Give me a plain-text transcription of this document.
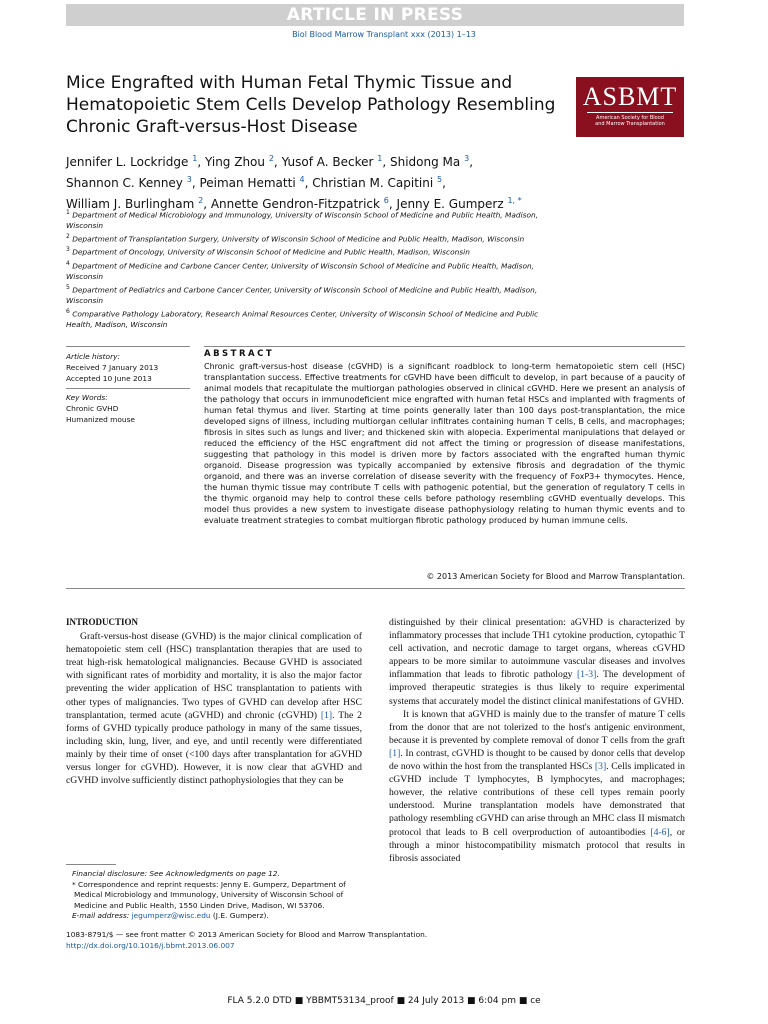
ARTICLE IN PRESS
Biol Blood Marrow Transplant xxx (2013) 1–13
Mice Engrafted with Human Fetal Thymic Tissue and
Hematopoietic Stem Cells Develop Pathology Resembling
Chronic Graft-versus-Host Disease
ASBMT
American Society for Blood
and Marrow Transplantation
Jennifer L. Lockridge $^1$, Ying Zhou $^2$, Yusof A. Becker $^1$, Shidong Ma $^3$,
Shannon C. Kenney $^3$, Peiman Hematti $^4$, Christian M. Capitini $^5$,
William J. Burlingham $^2$, Annette Gendron-Fitzpatrick $^6$, Jenny E. Gumperz $^{1, *}$
$^1$ Department of Medical Microbiology and Immunology, University of Wisconsin School of Medicine and Public Health, Madison, Wisconsin
$^2$ Department of Transplantation Surgery, University of Wisconsin School of Medicine and Public Health, Madison, Wisconsin
$^3$ Department of Oncology, University of Wisconsin School of Medicine and Public Health, Madison, Wisconsin
$^4$ Department of Medicine and Carbone Cancer Center, University of Wisconsin School of Medicine and Public Health, Madison, Wisconsin
$^5$ Department of Pediatrics and Carbone Cancer Center, University of Wisconsin School of Medicine and Public Health, Madison, Wisconsin
$^6$ Comparative Pathology Laboratory, Research Animal Resources Center, University of Wisconsin School of Medicine and Public Health, Madison, Wisconsin
Article history:
Received 7 January 2013
Accepted 10 June 2013
Key Words:
Chronic GVHD
Humanized mouse
ABSTRACT
Chronic graft-versus-host disease (cGVHD) is a significant roadblock to long-term hematopoietic stem cell (HSC) transplantation success. Effective treatments for cGVHD have been difficult to develop, in part because of a paucity of animal models that recapitulate the multiorgan pathologies observed in clinical cGVHD. Here we present an analysis of the pathology that occurs in immunodeficient mice engrafted with human fetal HSCs and implanted with fragments of human fetal thymus and liver. Starting at time points generally later than 100 days post-transplantation, the mice developed signs of illness, including multiorgan cellular infiltrates containing human T cells, B cells, and macrophages; fibrosis in sites such as lungs and liver; and thickened skin with alopecia. Experimental manipulations that delayed or reduced the efficiency of the HSC engraftment did not affect the timing or progression of disease manifestations, suggesting that pathology in this model is driven more by factors associated with the engrafted human thymic organoid. Disease progression was typically accompanied by extensive fibrosis and degradation of the thymic organoid, and there was an inverse correlation of disease severity with the frequency of FoxP3+ thymocytes. Hence, the human thymic tissue may contribute T cells with pathogenic potential, but the generation of regulatory T cells in the thymic organoid may help to control these cells before pathology resembling cGVHD eventually develops. This model thus provides a new system to investigate disease pathophysiology relating to human thymic events and to evaluate treatment strategies to combat multiorgan fibrotic pathology produced by human immune cells.
© 2013 American Society for Blood and Marrow Transplantation.
INTRODUCTION

Graft-versus-host disease (GVHD) is the major clinical complication of hematopoietic stem cell (HSC) transplantation therapies that are used to treat high-risk hematological malignancies. Because GVHD is associated with significant rates of morbidity and mortality, it is also the major factor preventing the wider application of HSC transplantation to patients with other types of malignancies. Two types of GVHD can develop after HSC transplantation, termed acute (aGVHD) and chronic (cGVHD) [1]. The 2 forms of GVHD typically produce pathology in many of the same tissues, including skin, lung, liver, and eye, and until recently were differentiated mainly by their time of onset (<100 days after transplantation for aGVHD versus longer for cGVHD). However, it is now clear that aGVHD and cGVHD involve sufficiently distinct pathophysiologies that they can be

distinguished by their clinical presentation: aGVHD is characterized by inflammatory processes that include TH1 cytokine production, cytopathic T cell activation, and necrotic damage to target organs, whereas cGVHD appears to be more similar to autoimmune vascular diseases and involves inflammation that leads to fibrotic pathology [1-3]. The development of improved therapeutic strategies is thus likely to require experimental systems that accurately model the distinct clinical manifestations of GVHD.

It is known that aGVHD is mainly due to the transfer of mature T cells from the donor that are not tolerized to the host's antigenic environment, because it is prevented by complete removal of donor T cells from the graft [1]. In contrast, cGVHD is thought to be caused by donor cells that develop de novo within the host from the transplanted HSCs [3]. Cells implicated in cGVHD include T lymphocytes, B lymphocytes, and macrophages; however, the relative contributions of these cell types remain poorly understood. Murine transplantation models have demonstrated that pathology resembling cGVHD can arise through an MHC class II mismatch protocol that leads to B cell overproduction of autoantibodies [4-6], or through a minor histocompatibility mismatch protocol that results in fibrosis associated

Financial disclosure: See Acknowledgments on page 12.
* Correspondence and reprint requests: Jenny E. Gumperz, Department of Medical Microbiology and Immunology, University of Wisconsin School of Medicine and Public Health, 1550 Linden Drive, Madison, WI 53706.
E-mail address: jegumperz@wisc.edu (J.E. Gumperz).
1083-8791/$ — see front matter © 2013 American Society for Blood and Marrow Transplantation.
http://dx.doi.org/10.1016/j.bbmt.2013.06.007
FLA 5.2.0 DTD ■ YBBMT53134_proof ■ 24 July 2013 ■ 6:04 pm ■ ce
